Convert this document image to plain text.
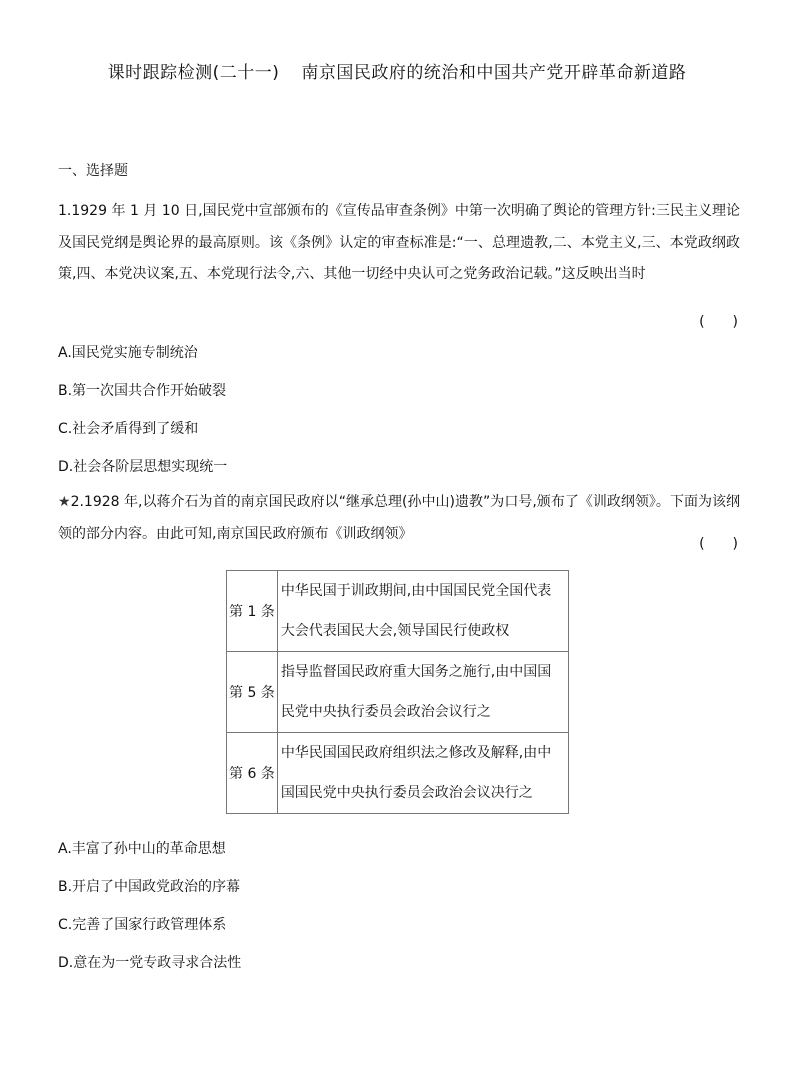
课时跟踪检测(二十一) 南京国民政府的统治和中国共产党开辟革命新道路
一、选择题
1.1929 年 1 月 10 日,国民党中宣部颁布的《宣传品审查条例》中第一次明确了舆论的管理方针:三民主义理论及国民党纲是舆论界的最高原则。该《条例》认定的审查标准是:“一、总理遗教,二、本党主义,三、本党政纲政策,四、本党决议案,五、本党现行法令,六、其他一切经中央认可之党务政治记载。”这反映出当时
(　　)
A.国民党实施专制统治
B.第一次国共合作开始破裂
C.社会矛盾得到了缓和
D.社会各阶层思想实现统一
★2.1928 年,以蒋介石为首的南京国民政府以“继承总理(孙中山)遗教”为口号,颁布了《训政纲领》。下面为该纲领的部分内容。由此可知,南京国民政府颁布《训政纲领》
(　　)
第 1 条	中华民国于训政期间,由中国国民党全国代表大会代表国民大会,领导国民行使政权
第 5 条	指导监督国民政府重大国务之施行,由中国国民党中央执行委员会政治会议行之
第 6 条	中华民国国民政府组织法之修改及解释,由中国国民党中央执行委员会政治会议决行之
A.丰富了孙中山的革命思想
B.开启了中国政党政治的序幕
C.完善了国家行政管理体系
D.意在为一党专政寻求合法性
